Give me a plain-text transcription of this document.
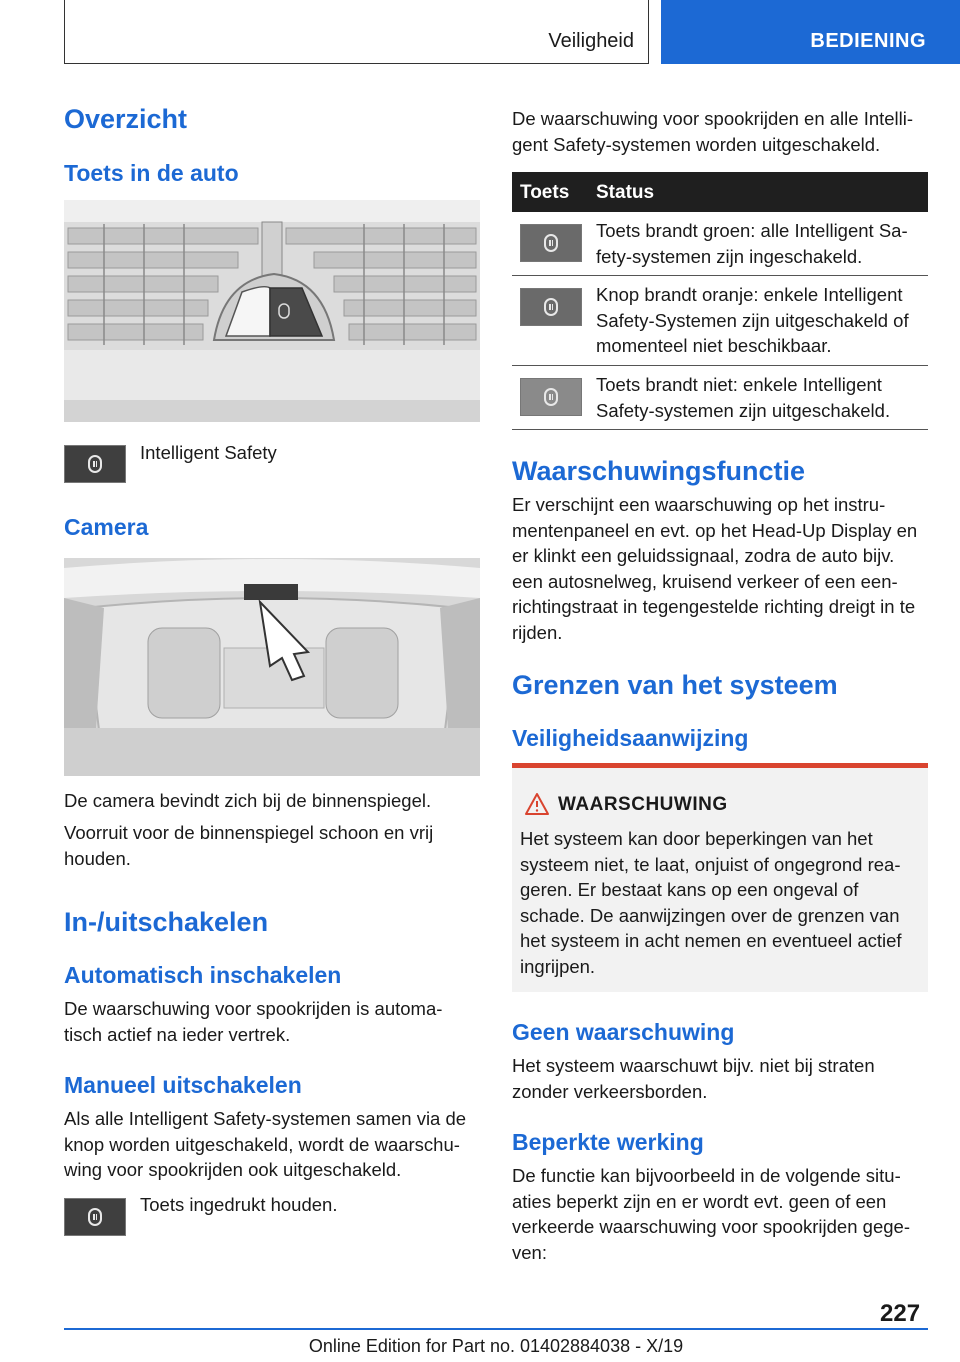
Veiligheid	BEDIENING
Overzicht
Toets in de auto
Intelligent Safety
Camera
De camera bevindt zich bij de binnenspiegel.
Voorruit voor de binnenspiegel schoon en vrij houden.
In-/uitschakelen
Automatisch inschakelen
De waarschuwing voor spookrijden is automatisch actief na ieder vertrek.
Manueel uitschakelen
Als alle Intelligent Safety-systemen samen via de knop worden uitgeschakeld, wordt de waarschuwing voor spookrijden ook uitgeschakeld.
Toets ingedrukt houden.
De waarschuwing voor spookrijden en alle Intelligent Safety-systemen worden uitgeschakeld.
Toets Status
Toets brandt groen: alle Intelligent Safety-systemen zijn ingeschakeld.
Knop brandt oranje: enkele Intelligent Safety-Systemen zijn uitgeschakeld of momenteel niet beschikbaar.
Toets brandt niet: enkele Intelligent Safety-systemen zijn uitgeschakeld.
Waarschuwingsfunctie
Er verschijnt een waarschuwing op het instrumentenpaneel en evt. op het Head-Up Display en er klinkt een geluidssignaal, zodra de auto bijv. een autosnelweg, kruisend verkeer of een eenrichtingstraat in tegengestelde richting dreigt in te rijden.
Grenzen van het systeem
Veiligheidsaanwijzing
WAARSCHUWING
Het systeem kan door beperkingen van het systeem niet, te laat, onjuist of ongegrond reageren. Er bestaat kans op een ongeval of schade. De aanwijzingen over de grenzen van het systeem in acht nemen en eventueel actief ingrijpen.
Geen waarschuwing
Het systeem waarschuwt bijv. niet bij straten zonder verkeersborden.
Beperkte werking
De functie kan bijvoorbeeld in de volgende situaties beperkt zijn en er wordt evt. geen of een verkeerde waarschuwing voor spookrijden gegeven:
227
Online Edition for Part no. 01402884038 - X/19
